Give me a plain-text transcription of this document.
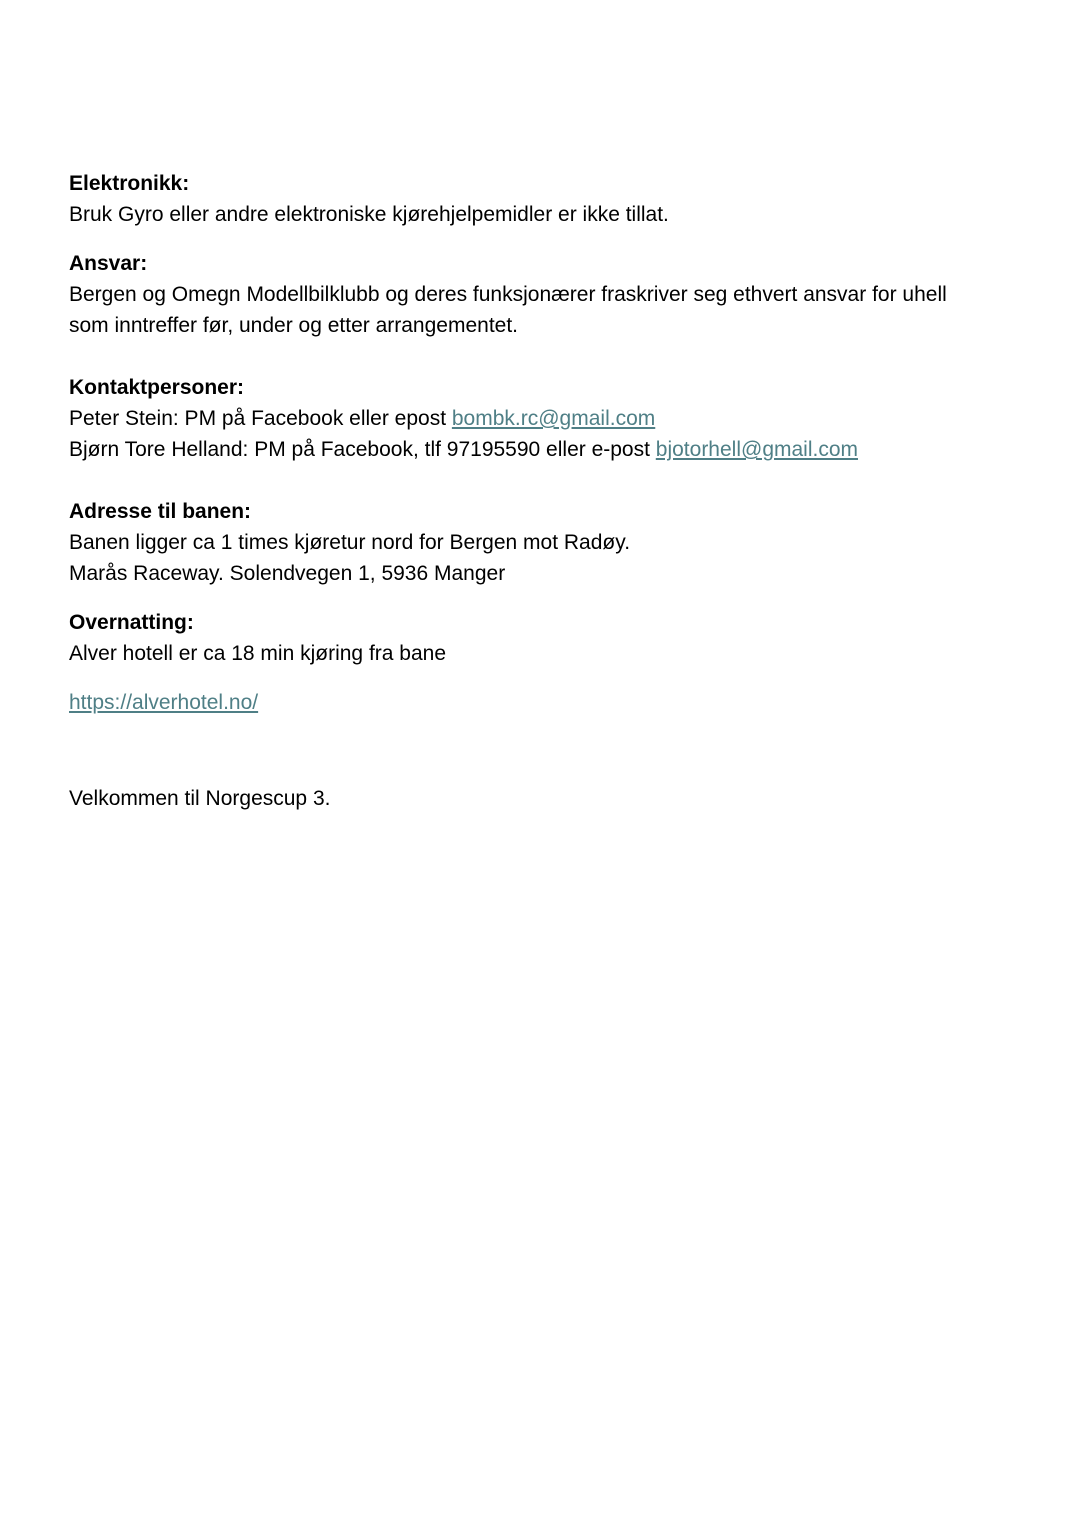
Elektronikk:
Bruk Gyro eller andre elektroniske kjørehjelpemidler er ikke tillat.
Ansvar:
Bergen og Omegn Modellbilklubb og deres funksjonærer fraskriver seg ethvert ansvar for uhell
som inntreffer før, under og etter arrangementet.
Kontaktpersoner:
Peter Stein: PM på Facebook eller epost bombk.rc@gmail.com
Bjørn Tore Helland: PM på Facebook, tlf 97195590 eller e-post bjotorhell@gmail.com
Adresse til banen:
Banen ligger ca 1 times kjøretur nord for Bergen mot Radøy.
Marås Raceway. Solendvegen 1, 5936 Manger
Overnatting:
Alver hotell er ca 18 min kjøring fra bane
https://alverhotel.no/
Velkommen til Norgescup 3.
